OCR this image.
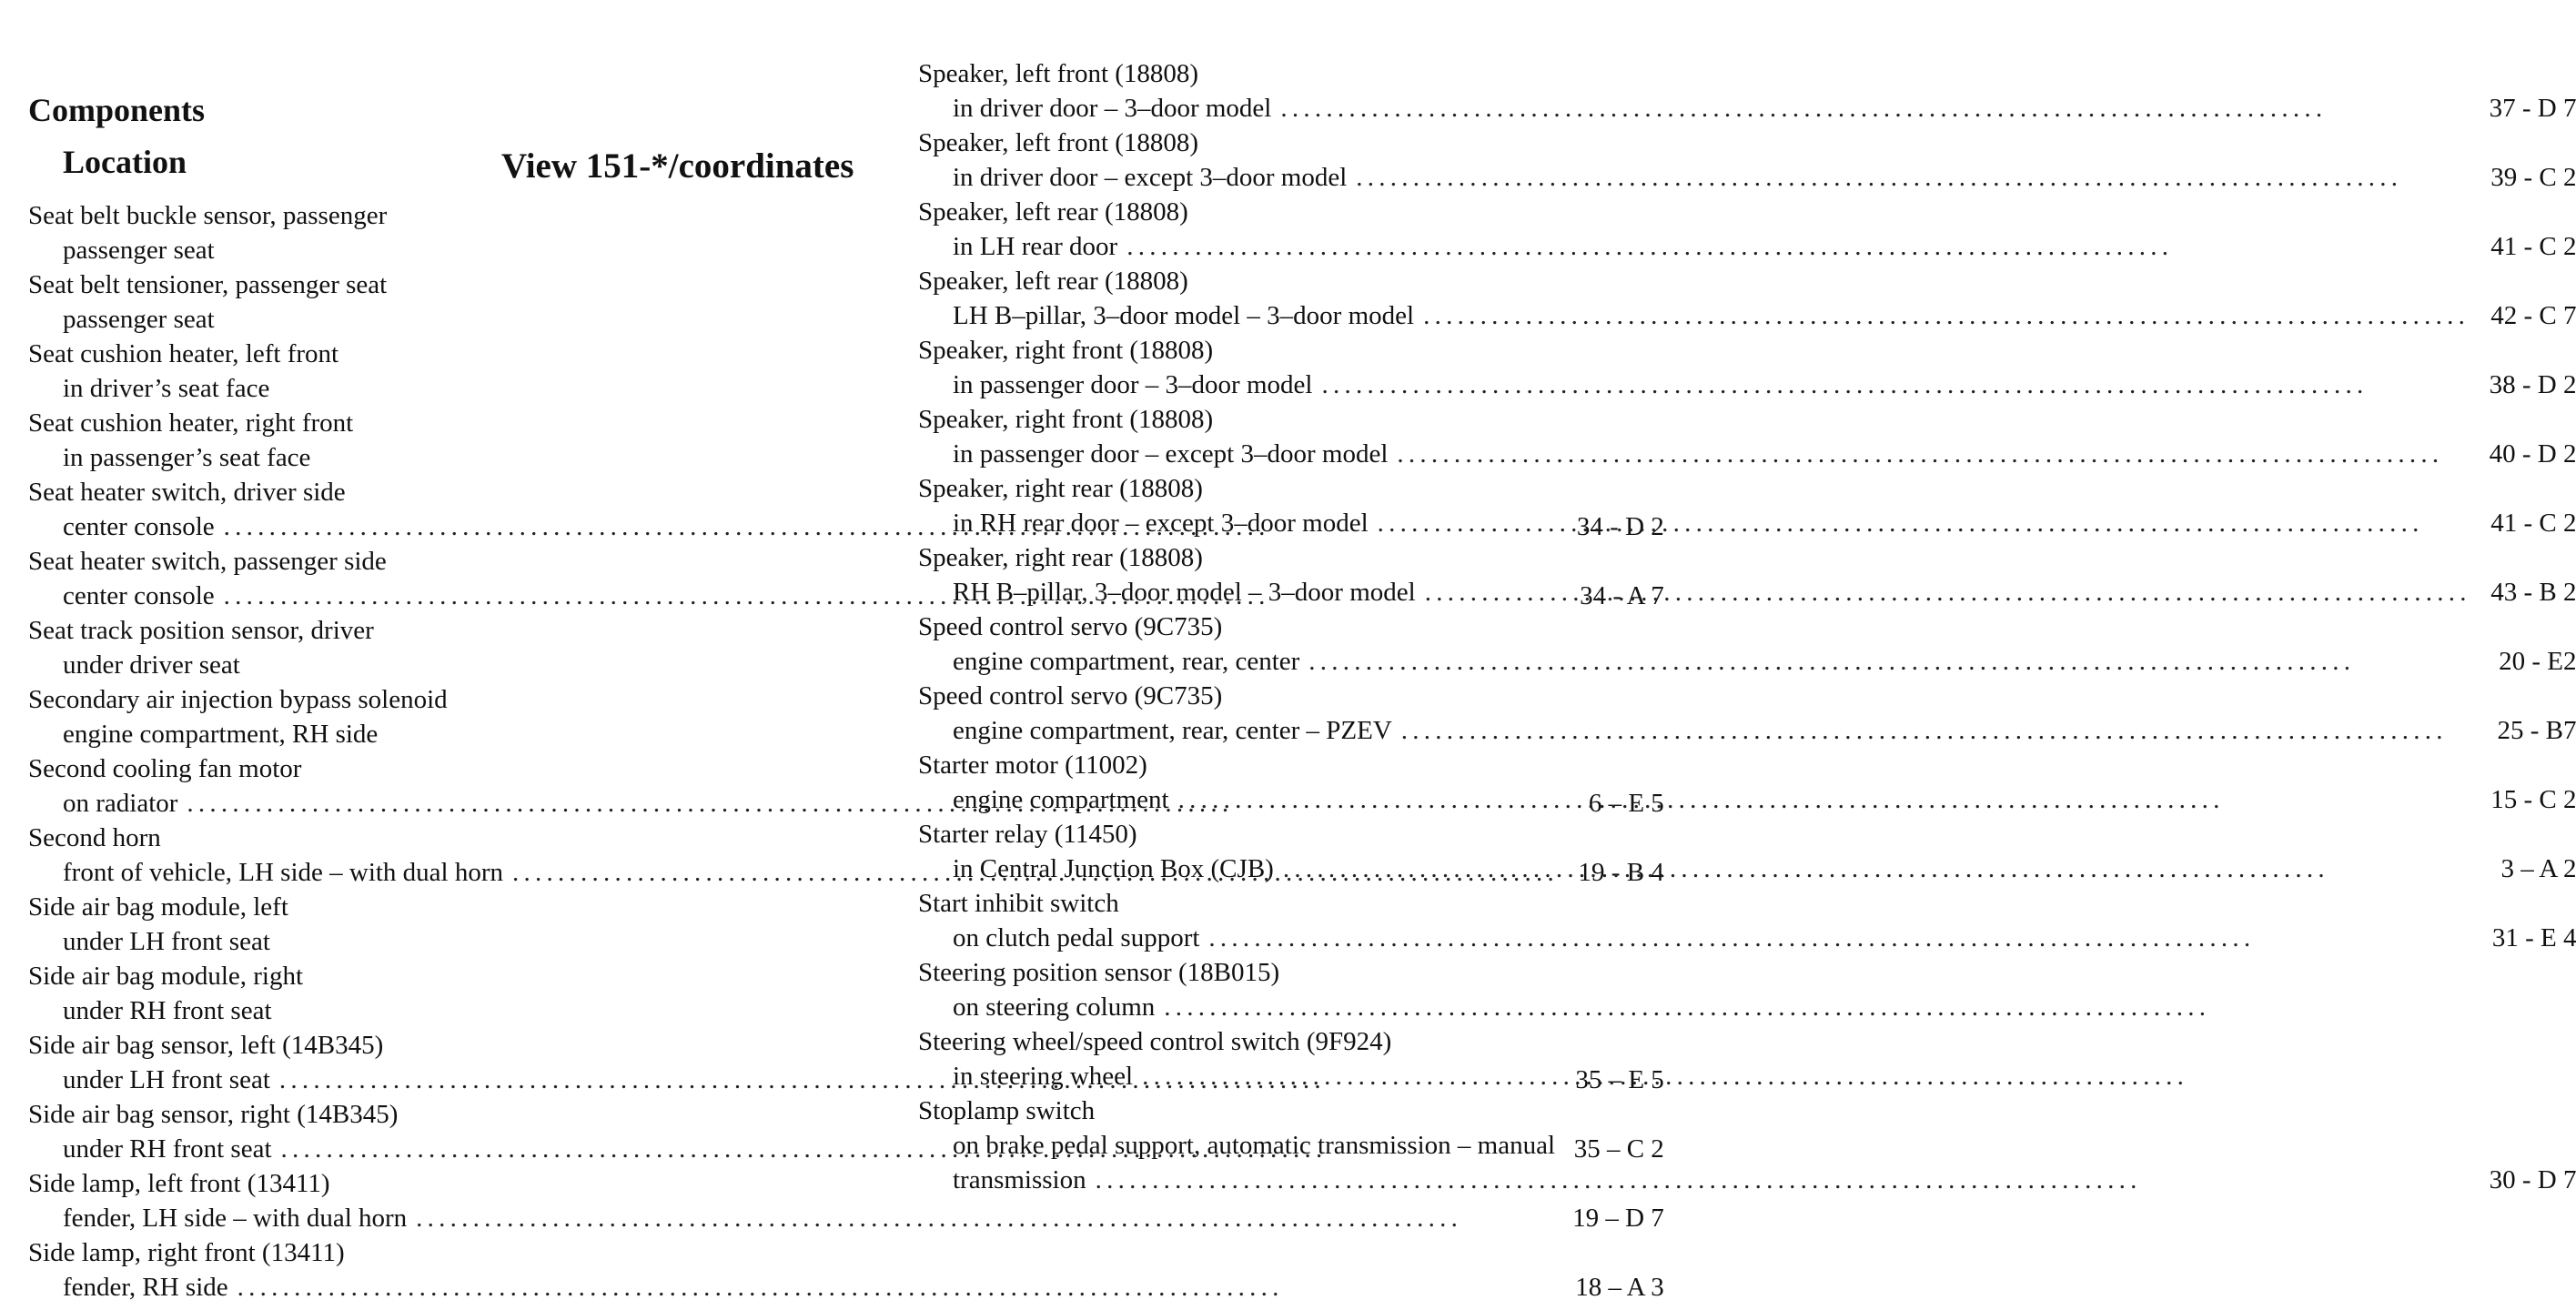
Components
Location	View 151-*/coordinates
Seat belt buckle sensor, passenger
passenger seat
Seat belt tensioner, passenger seat
passenger seat
Seat cushion heater, left front
in driver’s seat face
Seat cushion heater, right front
in passenger’s seat face
Seat heater switch, driver side
center console . . .	34 - D 2
Seat heater switch, passenger side
center console . . .	34 - A 7
Seat track position sensor, driver
under driver seat
Secondary air injection bypass solenoid
engine compartment, RH side
Second cooling fan motor
on radiator . . .	6 – E 5
Second horn
front of vehicle, LH side – with dual horn . . .	19 - B 4
Side air bag module, left
under LH front seat
Side air bag module, right
under RH front seat
Side air bag sensor, left (14B345)
under LH front seat . . .	35 – E 5
Side air bag sensor, right (14B345)
under RH front seat . . .	35 – C 2
Side lamp, left front (13411)
fender, LH side – with dual horn . . .	19 – D 7
Side lamp, right front (13411)
fender, RH side . . .	18 – A 3
Speaker, left front (18808)
in driver door – 3–door model . . .	37 - D 7
Speaker, left front (18808)
in driver door – except 3–door model . . .	39 - C 2
Speaker, left rear (18808)
in LH rear door . . .	41 - C 2
Speaker, left rear (18808)
LH B–pillar, 3–door model – 3–door model . . .	42 - C 7
Speaker, right front (18808)
in passenger door – 3–door model . . .	38 - D 2
Speaker, right front (18808)
in passenger door – except 3–door model . . .	40 - D 2
Speaker, right rear (18808)
in RH rear door – except 3–door model . . .	41 - C 2
Speaker, right rear (18808)
RH B–pillar, 3–door model – 3–door model . . .	43 - B 2
Speed control servo (9C735)
engine compartment, rear, center . . .	20 - E2
Speed control servo (9C735)
engine compartment, rear, center – PZEV . . .	25 - B7
Starter motor (11002)
engine compartment . . .	15 - C 2
Starter relay (11450)
in Central Junction Box (CJB) . . .	3 – A 2
Start inhibit switch
on clutch pedal support . . .	31 - E 4
Steering position sensor (18B015)
on steering column
. . .
Steering wheel/speed control switch (9F924)
in steering wheel
. . .
Stoplamp switch
on brake pedal support, automatic transmission – manual
transmission . . .	30 - D 7
